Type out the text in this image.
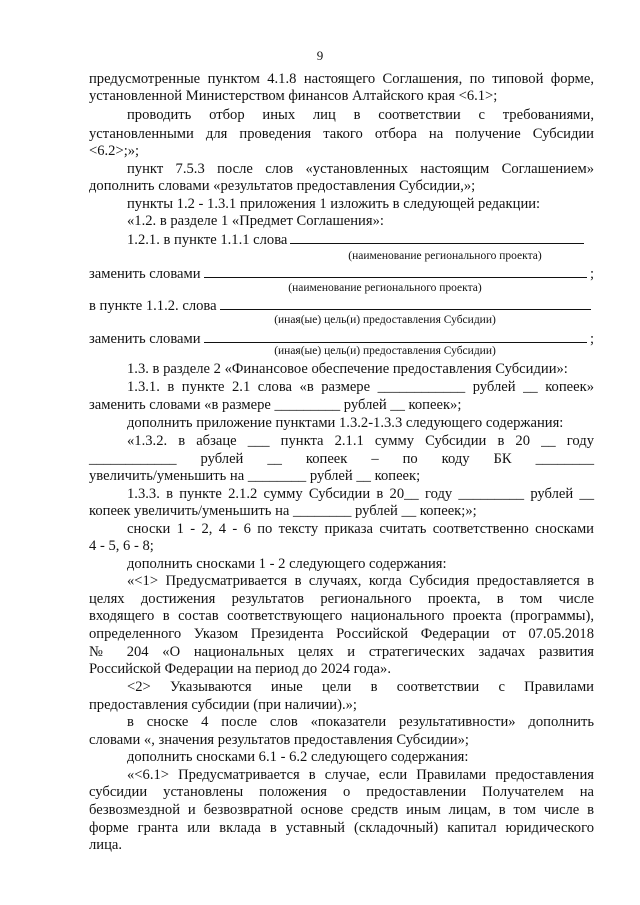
9
предусмотренные пунктом 4.1.8 настоящего Соглашения, по типовой форме,
установленной Министерством финансов Алтайского края <6.1>;
проводить отбор иных лиц в соответствии с требованиями,
установленными для проведения такого отбора на получение Субсидии
<6.2>;»;
пункт 7.5.3 после слов «установленных настоящим Соглашением»
дополнить словами «результатов предоставления Субсидии,»;
пункты 1.2 - 1.3.1 приложения 1 изложить в следующей редакции:
«1.2. в разделе 1 «Предмет Соглашения»:
1.2.1. в пункте 1.1.1 слова
(наименование регионального проекта)
заменить словами	;
(наименование регионального проекта)
в пункте 1.1.2. слова
(иная(ые) цель(и) предоставления Субсидии)
заменить словами	;
(иная(ые) цель(и) предоставления Субсидии)
1.3. в разделе 2 «Финансовое обеспечение предоставления Субсидии»:
1.3.1. в пункте 2.1 слова «в размере ____________ рублей __ копеек»
заменить словами «в размере _________ рублей __ копеек»;
дополнить приложение пунктами 1.3.2-1.3.3 следующего содержания:
«1.3.2. в абзаце ___ пункта 2.1.1 сумму Субсидии в 20 __ году
____________ рублей __ копеек – по коду БК ________
увеличить/уменьшить на ________ рублей __ копеек;
1.3.3. в пункте 2.1.2 сумму Субсидии в 20__ году _________ рублей __
копеек увеличить/уменьшить на ________ рублей __ копеек;»;
сноски 1 - 2, 4 - 6 по тексту приказа считать соответственно сносками
4 - 5, 6 - 8;
дополнить сносками 1 - 2 следующего содержания:
«<1> Предусматривается в случаях, когда Субсидия предоставляется в
целях достижения результатов регионального проекта, в том числе
входящего в состав соответствующего национального проекта (программы),
определенного Указом Президента Российской Федерации от 07.05.2018
№ 204 «О национальных целях и стратегических задачах развития
Российской Федерации на период до 2024 года».
<2> Указываются иные цели в соответствии с Правилами
предоставления субсидии (при наличии).»;
в сноске 4 после слов «показатели результативности» дополнить
словами «, значения результатов предоставления Субсидии»;
дополнить сносками 6.1 - 6.2 следующего содержания:
«<6.1> Предусматривается в случае, если Правилами предоставления
субсидии установлены положения о предоставлении Получателем на
безвозмездной и безвозвратной основе средств иным лицам, в том числе в
форме гранта или вклада в уставный (складочный) капитал юридического
лица.
